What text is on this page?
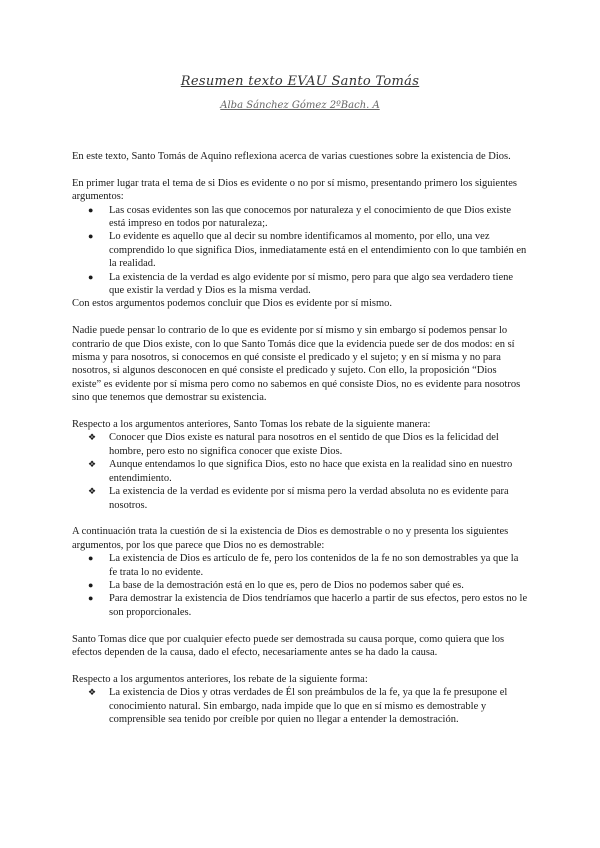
Resumen texto EVAU Santo Tomás
Alba Sánchez Gómez 2ºBach. A

En este texto, Santo Tomás de Aquino reflexiona acerca de varias cuestiones sobre la existencia de Dios.

En primer lugar trata el tema de si Dios es evidente o no por sí mismo, presentando primero los siguientes argumentos:

● Las cosas evidentes son las que conocemos por naturaleza y el conocimiento de que Dios existe está impreso en todos por naturaleza;.
● Lo evidente es aquello que al decir su nombre identificamos al momento, por ello, una vez comprendido lo que significa Dios, inmediatamente está en el entendimiento con lo que también en la realidad.
● La existencia de la verdad es algo evidente por sí mismo, pero para que algo sea verdadero tiene que existir la verdad y Dios es la misma verdad.

Con estos argumentos podemos concluir que Dios es evidente por sí mismo.

Nadie puede pensar lo contrario de lo que es evidente por sí mismo y sin embargo sí podemos pensar lo contrario de que Dios existe, con lo que Santo Tomás dice que la evidencia puede ser de dos modos: en sí misma y para nosotros, si conocemos en qué consiste el predicado y el sujeto; y en sí misma y no para nosotros, si algunos desconocen en qué consiste el predicado y sujeto. Con ello, la proposición “Dios existe” es evidente por sí misma pero como no sabemos en qué consiste Dios, no es evidente para nosotros sino que tenemos que demostrar su existencia.

Respecto a los argumentos anteriores, Santo Tomas los rebate de la siguiente manera:

❖ Conocer que Dios existe es natural para nosotros en el sentido de que Dios es la felicidad del hombre, pero esto no significa conocer que existe Dios.
❖ Aunque entendamos lo que significa Dios, esto no hace que exista en la realidad sino en nuestro entendimiento.
❖ La existencia de la verdad es evidente por sí misma pero la verdad absoluta no es evidente para nosotros.

A continuación trata la cuestión de si la existencia de Dios es demostrable o no y presenta los siguientes argumentos, por los que parece que Dios no es demostrable:

● La existencia de Dios es artículo de fe, pero los contenidos de la fe no son demostrables ya que la fe trata lo no evidente.
● La base de la demostración está en lo que es, pero de Dios no podemos saber qué es.
● Para demostrar la existencia de Dios tendríamos que hacerlo a partir de sus efectos, pero estos no le son proporcionales.

Santo Tomas dice que por cualquier efecto puede ser demostrada su causa porque, como quiera que los efectos dependen de la causa, dado el efecto, necesariamente antes se ha dado la causa.

Respecto a los argumentos anteriores, los rebate de la siguiente forma:

❖ La existencia de Dios y otras verdades de Él son preámbulos de la fe, ya que la fe presupone el conocimiento natural. Sin embargo, nada impide que lo que en sí mismo es demostrable y comprensible sea tenido por creíble por quien no llegar a entender la demostración.
